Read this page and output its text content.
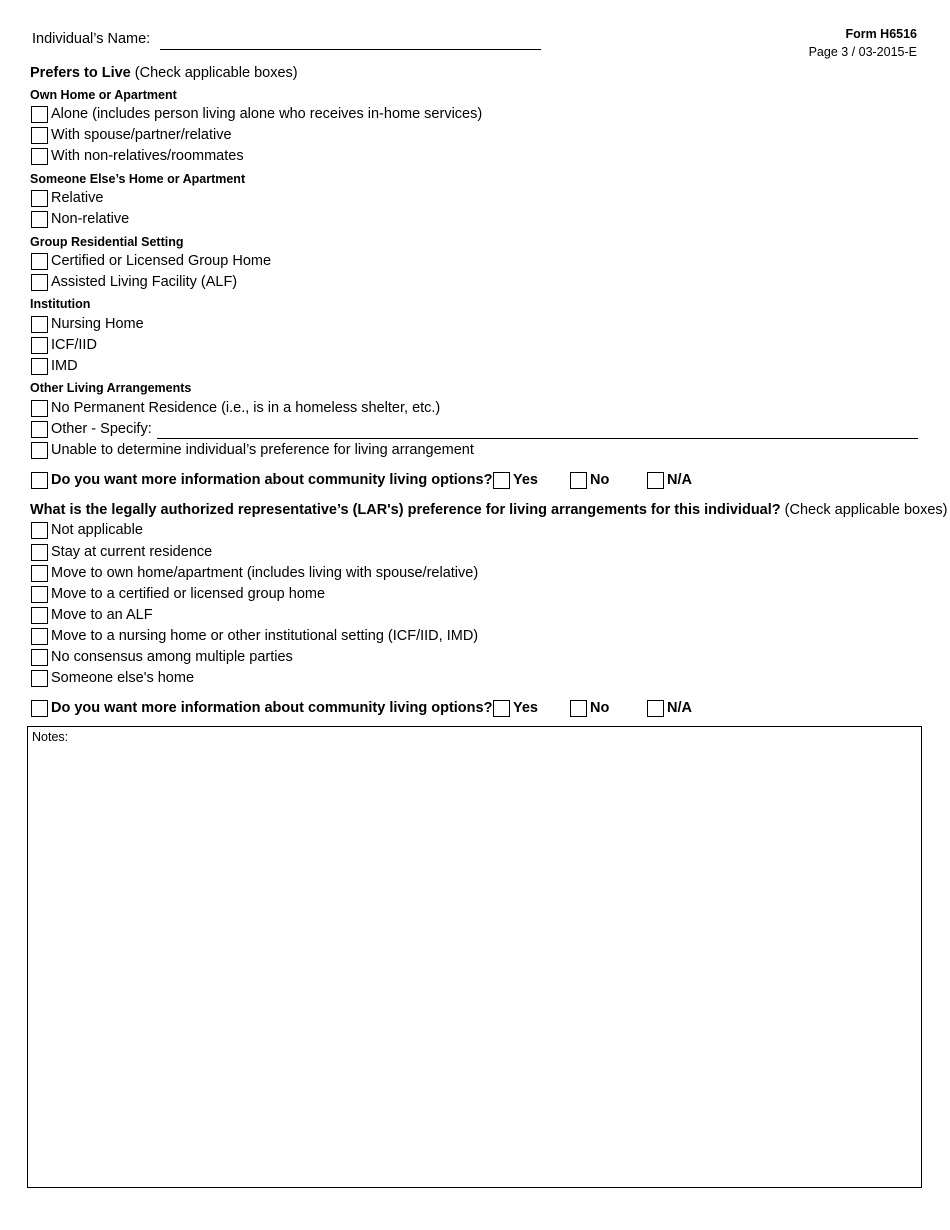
Individual’s Name:	Form H6516
Page 3 / 03-2015-E
Prefers to Live (Check applicable boxes)
Own Home or Apartment
Alone (includes person living alone who receives in-home services)
With spouse/partner/relative
With non-relatives/roommates
Someone Else’s Home or Apartment
Relative
Non-relative
Group Residential Setting
Certified or Licensed Group Home
Assisted Living Facility (ALF)
Institution
Nursing Home
ICF/IID
IMD
Other Living Arrangements
No Permanent Residence (i.e., is in a homeless shelter, etc.)
Other - Specify:
Unable to determine individual’s preference for living arrangement
Do you want more information about community living options? Yes	No	N/A
What is the legally authorized representative’s (LAR's) preference for living arrangements for this individual? (Check applicable boxes)
Not applicable
Stay at current residence
Move to own home/apartment (includes living with spouse/relative)
Move to a certified or licensed group home
Move to an ALF
Move to a nursing home or other institutional setting (ICF/IID, IMD)
No consensus among multiple parties
Someone else's home
Do you want more information about community living options? Yes	No	N/A
Notes:
